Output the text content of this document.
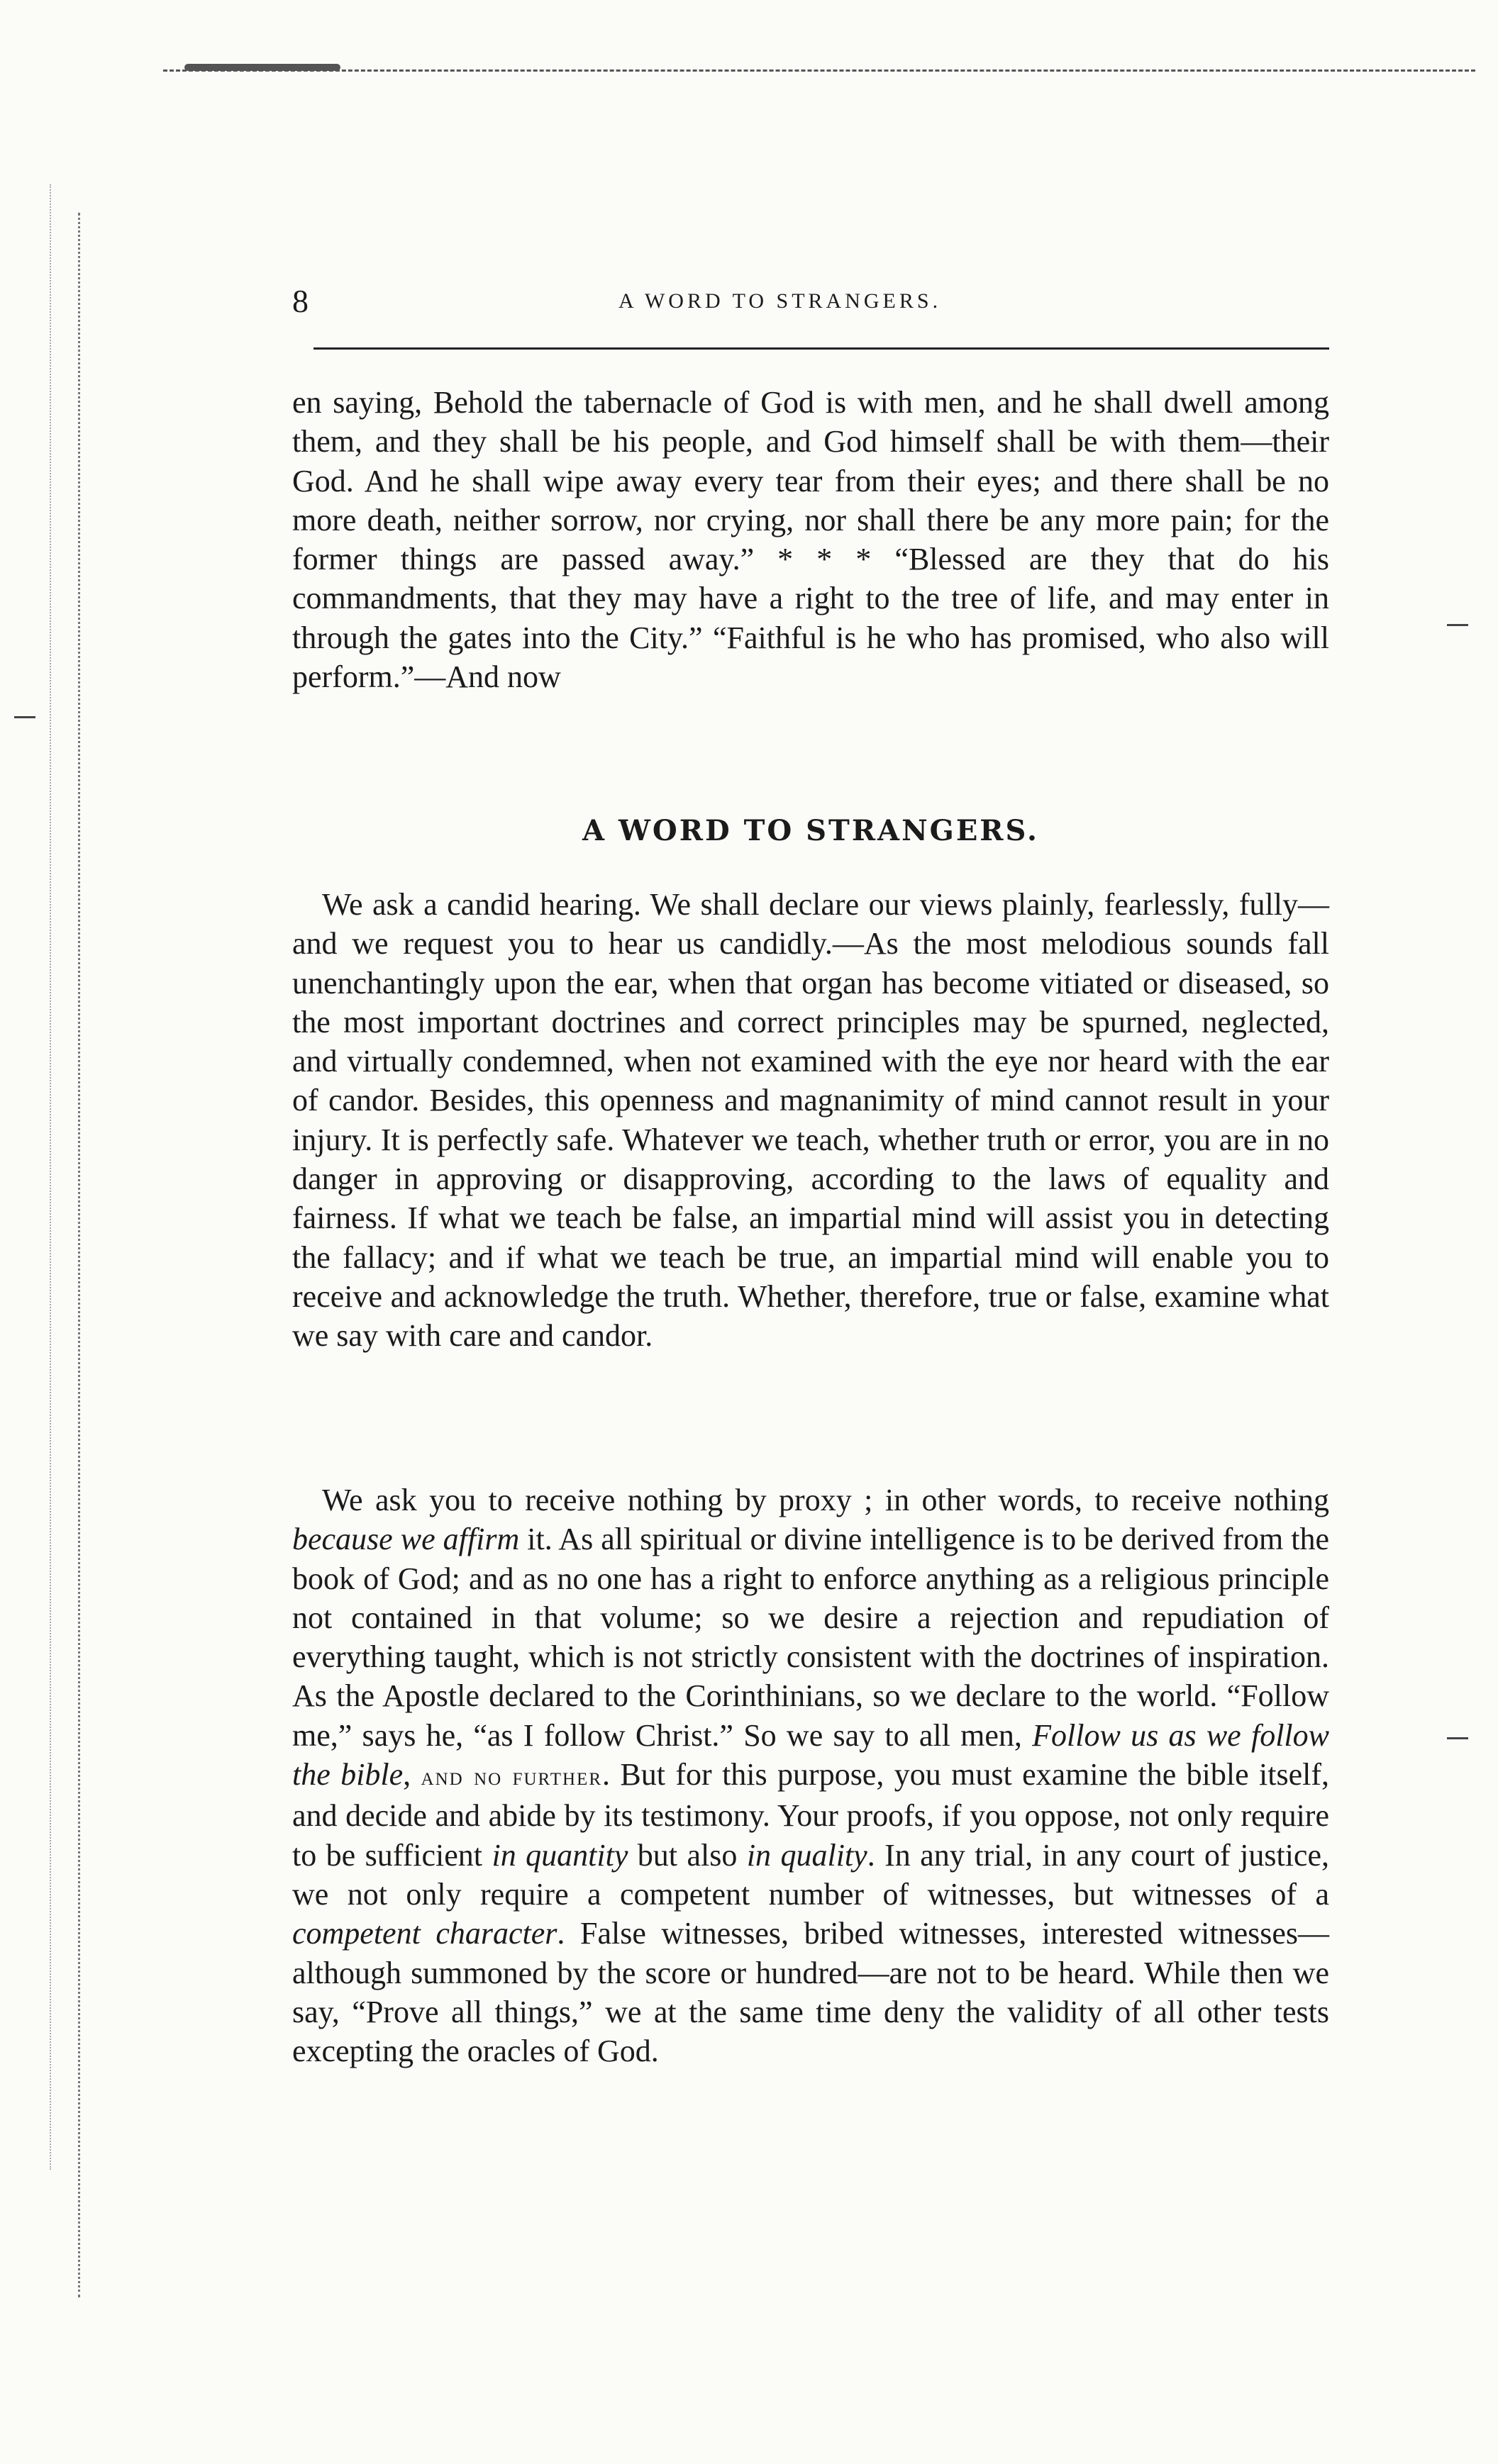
8	A WORD TO STRANGERS.

en saying, Behold the tabernacle of God is with men, and he shall dwell among them, and they shall be his people, and God himself shall be with them—their God. And he shall wipe away every tear from their eyes; and there shall be no more death, neither sorrow, nor crying, nor shall there be any more pain; for the former things are passed away.” * * * “Blessed are they that do his commandments, that they may have a right to the tree of life, and may enter in through the gates into the City.” “Faithful is he who has promised, who also will perform.”—And now

A WORD TO STRANGERS.

We ask a candid hearing. We shall declare our views plainly, fearlessly, fully—and we request you to hear us candidly.—As the most melodious sounds fall unenchantingly upon the ear, when that organ has become vitiated or diseased, so the most important doctrines and correct principles may be spurned, neglected, and virtually condemned, when not examined with the eye nor heard with the ear of candor. Besides, this openness and magnanimity of mind cannot result in your injury. It is perfectly safe. Whatever we teach, whether truth or error, you are in no danger in approving or disapproving, according to the laws of equality and fairness. If what we teach be false, an impartial mind will assist you in detecting the fallacy; and if what we teach be true, an impartial mind will enable you to receive and acknowledge the truth. Whether, therefore, true or false, examine what we say with care and candor.

We ask you to receive nothing by proxy ; in other words, to receive nothing because we affirm it. As all spiritual or divine intelligence is to be derived from the book of God; and as no one has a right to enforce anything as a religious principle not contained in that volume; so we desire a rejection and repudiation of everything taught, which is not strictly consistent with the doctrines of inspiration. As the Apostle declared to the Corinthinians, so we declare to the world. “Follow me,” says he, “as I follow Christ.” So we say to all men, Follow us as we follow the bible, and no further. But for this purpose, you must examine the bible itself, and decide and abide by its testimony. Your proofs, if you oppose, not only require to be sufficient in quantity but also in quality. In any trial, in any court of justice, we not only require a competent number of witnesses, but witnesses of a competent character. False witnesses, bribed witnesses, interested witnesses—although summoned by the score or hundred—are not to be heard. While then we say, “Prove all things,” we at the same time deny the validity of all other tests excepting the oracles of God.
